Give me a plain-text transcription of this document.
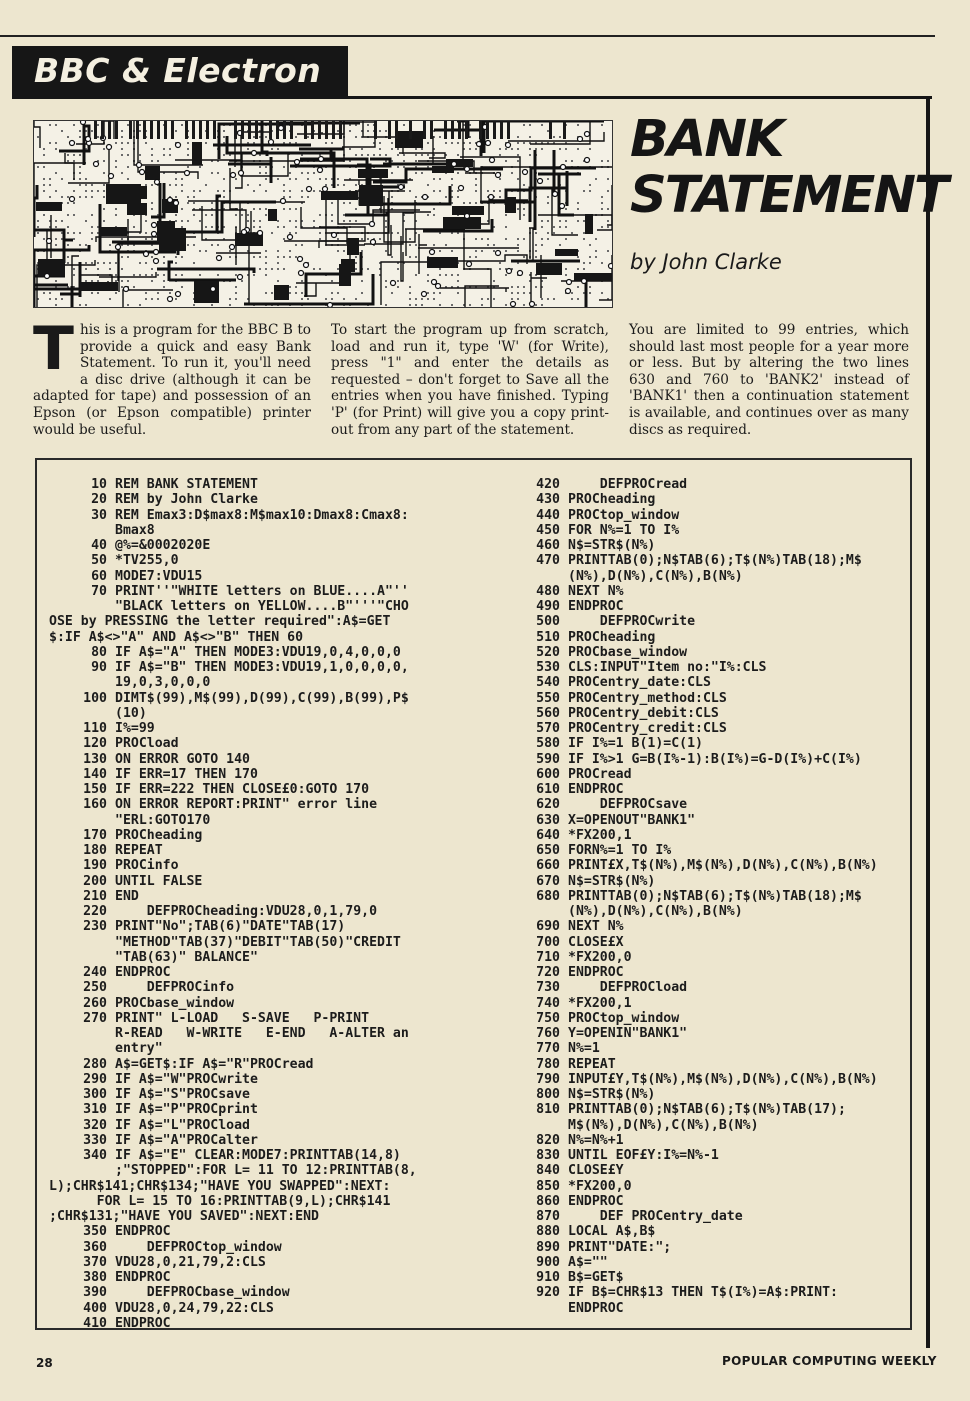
BBC & Electron
BANK
STATEMENT
by John Clarke
This is a program for the BBC B to provide a quick and easy Bank Statement. To run it, you'll need a disc drive (although it can be adapted for tape) and possession of an Epson (or Epson compatible) printer would be useful.
To start the program up from scratch, load and run it, type 'W' (for Write), press "1" and enter the details as requested – don't forget to Save all the entries when you have finished. Typing 'P' (for Print) will give you a copy print-out from any part of the statement.
You are limited to 99 entries, which should last most people for a year more or less. But by altering the two lines 630 and 760 to 'BANK2' instead of 'BANK1' then a continuation statement is available, and continues over as many discs as required.
10 REM BANK STATEMENT
20 REM by John Clarke
30 REM Emax3:D$max8:M$max10:Dmax8:Cmax8:
Bmax8
40 @%=&0002020E
50 *TV255,0
60 MODE7:VDU15
70 PRINT''"WHITE letters on BLUE....A"''
"BLACK letters on YELLOW....B"'''"CHO
OSE by PRESSING the letter required":A$=GET
$:IF A$<>"A" AND A$<>"B" THEN 60
80 IF A$="A" THEN MODE3:VDU19,0,4,0,0,0
90 IF A$="B" THEN MODE3:VDU19,1,0,0,0,0,
19,0,3,0,0,0
100 DIMT$(99),M$(99),D(99),C(99),B(99),P$
(10)
110 I%=99
120 PROCload
130 ON ERROR GOTO 140
140 IF ERR=17 THEN 170
150 IF ERR=222 THEN CLOSE£0:GOTO 170
160 ON ERROR REPORT:PRINT" error line
"ERL:GOTO170
170 PROCheading
180 REPEAT
190 PROCinfo
200 UNTIL FALSE
210 END
220 DEFPROCheading:VDU28,0,1,79,0
230 PRINT"No";TAB(6)"DATE"TAB(17)
"METHOD"TAB(37)"DEBIT"TAB(50)"CREDIT
"TAB(63)" BALANCE"
240 ENDPROC
250 DEFPROCinfo
260 PROCbase_window
270 PRINT" L-LOAD   S-SAVE   P-PRINT
R-READ   W-WRITE   E-END   A-ALTER an
entry"
280 A$=GET$:IF A$="R"PROCread
290 IF A$="W"PROCwrite
300 IF A$="S"PROCsave
310 IF A$="P"PROCprint
320 IF A$="L"PROCload
330 IF A$="A"PROCalter
340 IF A$="E" CLEAR:MODE7:PRINTTAB(14,8)
;"STOPPED":FOR L= 11 TO 12:PRINTTAB(8,
L);CHR$141;CHR$134;"HAVE YOU SWAPPED":NEXT:
FOR L= 15 TO 16:PRINTTAB(9,L);CHR$141
;CHR$131;"HAVE YOU SAVED":NEXT:END
350 ENDPROC
360 DEFPROCtop_window
370 VDU28,0,21,79,2:CLS
380 ENDPROC
390 DEFPROCbase_window
400 VDU28,0,24,79,22:CLS
410 ENDPROC
420 DEFPROCread
430 PROCheading
440 PROCtop_window
450 FOR N%=1 TO I%
460 N$=STR$(N%)
470 PRINTTAB(0);N$TAB(6);T$(N%)TAB(18);M$
(N%),D(N%),C(N%),B(N%)
480 NEXT N%
490 ENDPROC
500 DEFPROCwrite
510 PROCheading
520 PROCbase_window
530 CLS:INPUT"Item no:"I%:CLS
540 PROCentry_date:CLS
550 PROCentry_method:CLS
560 PROCentry_debit:CLS
570 PROCentry_credit:CLS
580 IF I%=1 B(1)=C(1)
590 IF I%>1 G=B(I%-1):B(I%)=G-D(I%)+C(I%)
600 PROCread
610 ENDPROC
620 DEFPROCsave
630 X=OPENOUT"BANK1"
640 *FX200,1
650 FORN%=1 TO I%
660 PRINT£X,T$(N%),M$(N%),D(N%),C(N%),B(N%)
670 N$=STR$(N%)
680 PRINTTAB(0);N$TAB(6);T$(N%)TAB(18);M$
(N%),D(N%),C(N%),B(N%)
690 NEXT N%
700 CLOSE£X
710 *FX200,0
720 ENDPROC
730 DEFPROCload
740 *FX200,1
750 PROCtop_window
760 Y=OPENIN"BANK1"
770 N%=1
780 REPEAT
790 INPUT£Y,T$(N%),M$(N%),D(N%),C(N%),B(N%)
800 N$=STR$(N%)
810 PRINTTAB(0);N$TAB(6);T$(N%)TAB(17);
M$(N%),D(N%),C(N%),B(N%)
820 N%=N%+1
830 UNTIL EOF£Y:I%=N%-1
840 CLOSE£Y
850 *FX200,0
860 ENDPROC
870 DEF PROCentry_date
880 LOCAL A$,B$
890 PRINT"DATE:";
900 A$=""
910 B$=GET$
920 IF B$=CHR$13 THEN T$(I%)=A$:PRINT:
ENDPROC
28	POPULAR COMPUTING WEEKLY
